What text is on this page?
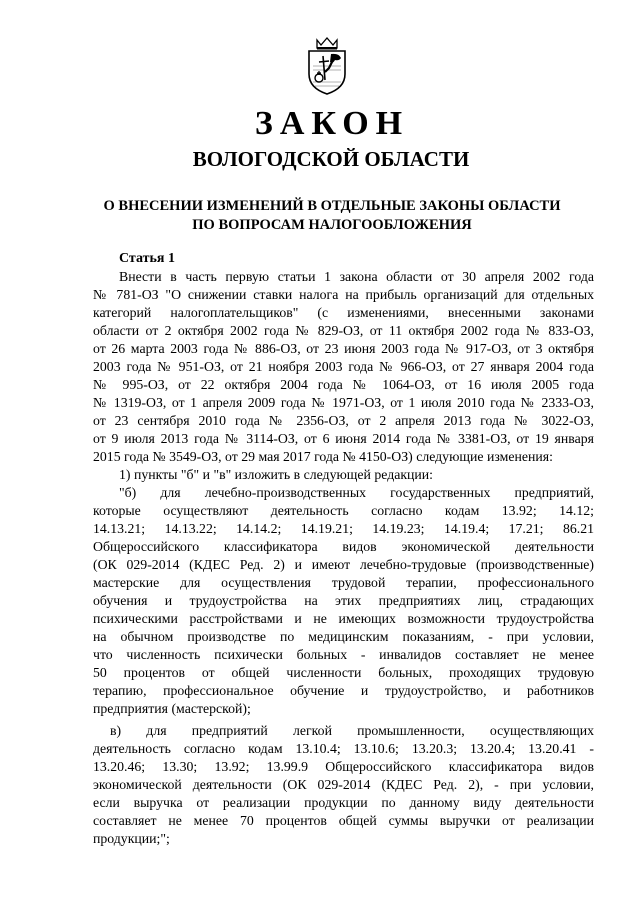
ЗАКОН
ВОЛОГОДСКОЙ ОБЛАСТИ
О ВНЕСЕНИИ ИЗМЕНЕНИЙ В ОТДЕЛЬНЫЕ ЗАКОНЫ ОБЛАСТИ
ПО ВОПРОСАМ НАЛОГООБЛОЖЕНИЯ
Статья 1
Внести в часть первую статьи 1 закона области от 30 апреля 2002 года
№ 781-ОЗ "О снижении ставки налога на прибыль организаций для отдельных
категорий налогоплательщиков" (с изменениями, внесенными законами
области от 2 октября 2002 года № 829-ОЗ, от 11 октября 2002 года № 833-ОЗ,
от 26 марта 2003 года № 886-ОЗ, от 23 июня 2003 года № 917-ОЗ, от 3 октября
2003 года № 951-ОЗ, от 21 ноября 2003 года № 966-ОЗ, от 27 января 2004 года
№ 995-ОЗ, от 22 октября 2004 года № 1064-ОЗ, от 16 июля 2005 года
№ 1319-ОЗ, от 1 апреля 2009 года № 1971-ОЗ, от 1 июля 2010 года № 2333-ОЗ,
от 23 сентября 2010 года № 2356-ОЗ, от 2 апреля 2013 года № 3022-ОЗ,
от 9 июля 2013 года № 3114-ОЗ, от 6 июня 2014 года № 3381-ОЗ, от 19 января
2015 года № 3549-ОЗ, от 29 мая 2017 года № 4150-ОЗ) следующие изменения:
1) пункты "б" и "в" изложить в следующей редакции:
"б) для лечебно-производственных государственных предприятий,
которые осуществляют деятельность согласно кодам 13.92; 14.12;
14.13.21; 14.13.22; 14.14.2; 14.19.21; 14.19.23; 14.19.4; 17.21; 86.21
Общероссийского классификатора видов экономической деятельности
(ОК 029-2014 (КДЕС Ред. 2) и имеют лечебно-трудовые (производственные)
мастерские для осуществления трудовой терапии, профессионального
обучения и трудоустройства на этих предприятиях лиц, страдающих
психическими расстройствами и не имеющих возможности трудоустройства
на обычном производстве по медицинским показаниям, - при условии,
что численность психически больных - инвалидов составляет не менее
50 процентов от общей численности больных, проходящих трудовую
терапию, профессиональное обучение и трудоустройство, и работников
предприятия (мастерской);
в) для предприятий легкой промышленности, осуществляющих
деятельность согласно кодам 13.10.4; 13.10.6; 13.20.3; 13.20.4; 13.20.41 -
13.20.46; 13.30; 13.92; 13.99.9 Общероссийского классификатора видов
экономической деятельности (ОК 029-2014 (КДЕС Ред. 2), - при условии,
если выручка от реализации продукции по данному виду деятельности
составляет не менее 70 процентов общей суммы выручки от реализации
продукции;";
